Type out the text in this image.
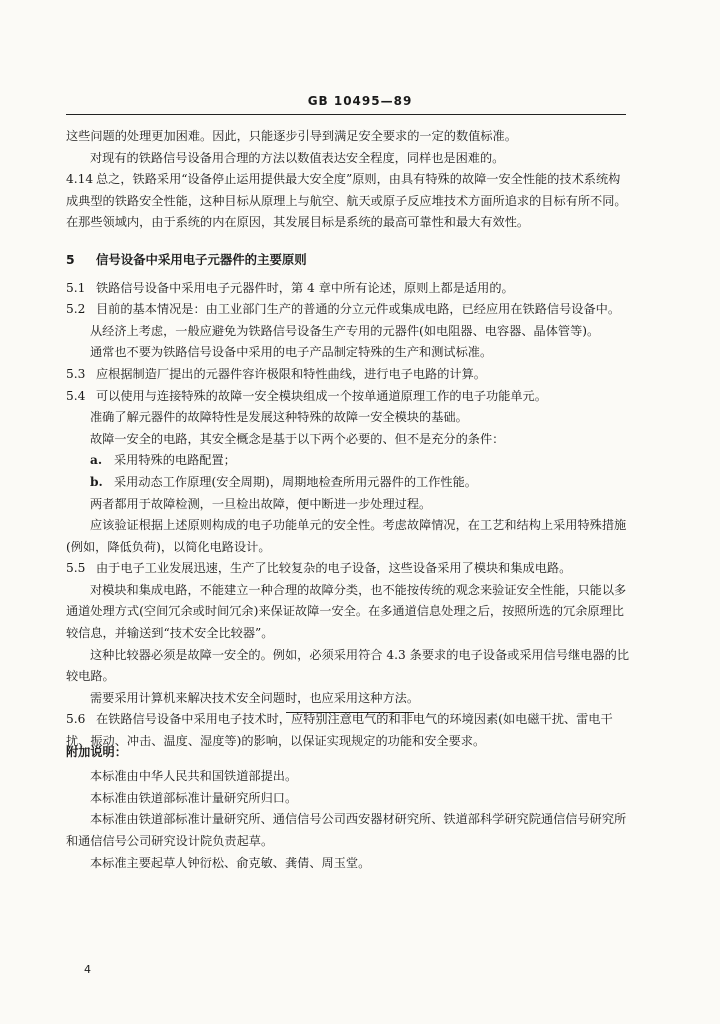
GB 10495—89

这些问题的处理更加困难。因此，只能逐步引导到满足安全要求的一定的数值标准。

对现有的铁路信号设备用合理的方法以数值表达安全程度，同样也是困难的。

4.14 总之，铁路采用“设备停止运用提供最大安全度”原则，由具有特殊的故障一安全性能的技术系统构成典型的铁路安全性能，这种目标从原理上与航空、航天或原子反应堆技术方面所追求的目标有所不同。在那些领域内，由于系统的内在原因，其发展目标是系统的最高可靠性和最大有效性。

5 信号设备中采用电子元器件的主要原则

5.1 铁路信号设备中采用电子元器件时，第 4 章中所有论述，原则上都是适用的。

5.2 目前的基本情况是：由工业部门生产的普通的分立元件或集成电路，已经应用在铁路信号设备中。

从经济上考虑，一般应避免为铁路信号设备生产专用的元器件(如电阻器、电容器、晶体管等)。

通常也不要为铁路信号设备中采用的电子产品制定特殊的生产和测试标准。

5.3 应根据制造厂提出的元器件容许极限和特性曲线，进行电子电路的计算。

5.4 可以使用与连接特殊的故障一安全模块组成一个按单通道原理工作的电子功能单元。

准确了解元器件的故障特性是发展这种特殊的故障一安全模块的基础。

故障一安全的电路，其安全概念是基于以下两个必要的、但不是充分的条件：

a. 采用特殊的电路配置；

b. 采用动态工作原理(安全周期)，周期地检查所用元器件的工作性能。

两者都用于故障检测，一旦检出故障，便中断进一步处理过程。

应该验证根据上述原则构成的电子功能单元的安全性。考虑故障情况，在工艺和结构上采用特殊措施(例如，降低负荷)，以简化电路设计。

5.5 由于电子工业发展迅速，生产了比较复杂的电子设备，这些设备采用了模块和集成电路。

对模块和集成电路，不能建立一种合理的故障分类，也不能按传统的观念来验证安全性能，只能以多通道处理方式(空间冗余或时间冗余)来保证故障一安全。在多通道信息处理之后，按照所选的冗余原理比较信息，并输送到“技术安全比较器”。

这种比较器必须是故障一安全的。例如，必须采用符合 4.3 条要求的电子设备或采用信号继电器的比较电路。

需要采用计算机来解决技术安全问题时，也应采用这种方法。

5.6 在铁路信号设备中采用电子技术时，应特别注意电气的和非电气的环境因素(如电磁干扰、雷电干扰、振动、冲击、温度、湿度等)的影响，以保证实现规定的功能和安全要求。

附加说明：

本标准由中华人民共和国铁道部提出。

本标准由铁道部标准计量研究所归口。

本标准由铁道部标准计量研究所、通信信号公司西安器材研究所、铁道部科学研究院通信信号研究所和通信信号公司研究设计院负责起草。

本标准主要起草人钟衍松、俞克敏、龚倩、周玉堂。

4
